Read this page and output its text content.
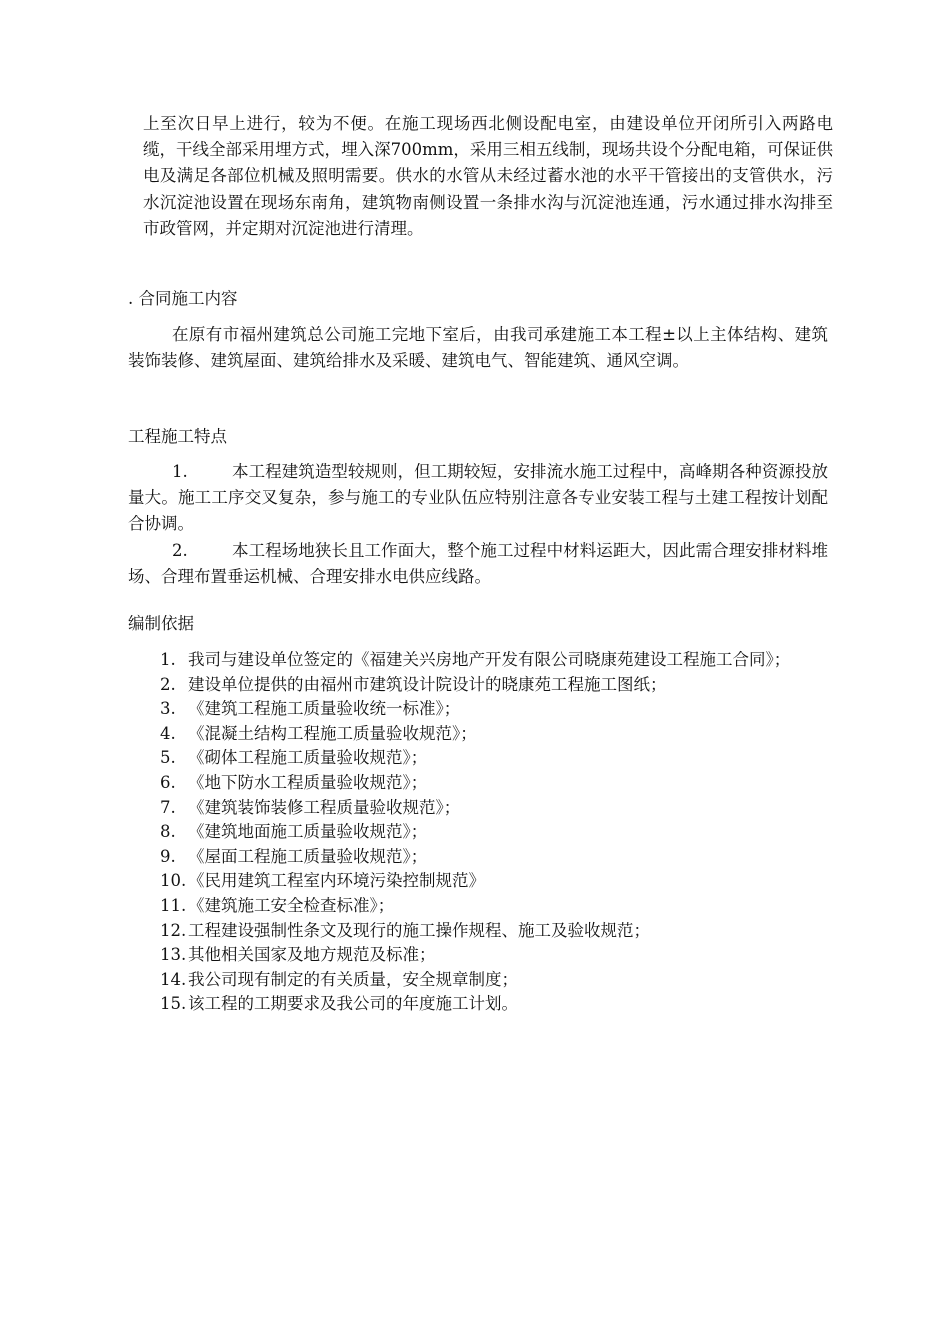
上至次日早上进行，较为不便。在施工现场西北侧设配电室，由建设单位开闭所引入两路电缆，干线全部采用埋方式，埋入深700mm，采用三相五线制，现场共设个分配电箱，可保证供电及满足各部位机械及照明需要。供水的水管从未经过蓄水池的水平干管接出的支管供水，污水沉淀池设置在现场东南角，建筑物南侧设置一条排水沟与沉淀池连通，污水通过排水沟排至市政管网，并定期对沉淀池进行清理。

. 合同施工内容

在原有市福州建筑总公司施工完地下室后，由我司承建施工本工程±以上主体结构、建筑装饰装修、建筑屋面、建筑给排水及采暖、建筑电气、智能建筑、通风空调。

工程施工特点
1.	本工程建筑造型较规则，但工期较短，安排流水施工过程中，高峰期各种资源投放量大。施工工序交叉复杂，参与施工的专业队伍应特别注意各专业安装工程与土建工程按计划配合协调。
2.	本工程场地狭长且工作面大，整个施工过程中材料运距大，因此需合理安排材料堆场、合理布置垂运机械、合理安排水电供应线路。
编制依据
1. 我司与建设单位签定的《福建关兴房地产开发有限公司晓康苑建设工程施工合同》；
2. 建设单位提供的由福州市建筑设计院设计的晓康苑工程施工图纸；
3. 《建筑工程施工质量验收统一标准》；
4. 《混凝土结构工程施工质量验收规范》；
5. 《砌体工程施工质量验收规范》；
6. 《地下防水工程质量验收规范》；
7. 《建筑装饰装修工程质量验收规范》；
8. 《建筑地面施工质量验收规范》；
9. 《屋面工程施工质量验收规范》；
10. 《民用建筑工程室内环境污染控制规范》
11. 《建筑施工安全检查标准》；
12. 工程建设强制性条文及现行的施工操作规程、施工及验收规范；
13. 其他相关国家及地方规范及标准；
14. 我公司现有制定的有关质量，安全规章制度；
15. 该工程的工期要求及我公司的年度施工计划。
